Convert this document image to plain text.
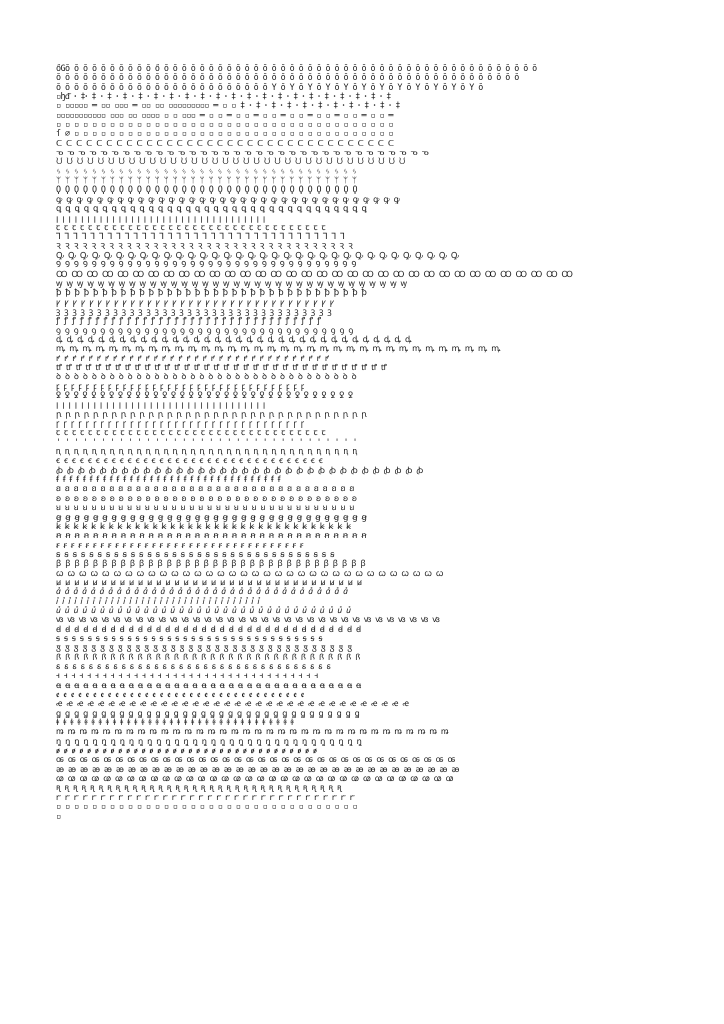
őĞŏ ŏ ŏ ŏ ŏ ŏ ŏ ŏ ŏ ŏ ő ŏ ŏ ŏ ŏ ŏ ŏ ŏ ŏ ŏ ŏ ŏ ŏ ŏ ŏ ŏ ŏ ŏ ŏ ŏ ŏ ŏ ŏ ŏ ŏ ŏ ŏ ŏ ŏ ŏ ŏ ŏ ŏ ŏ ŏ ŏ ŏ ŏ ŏ ŏ ŏ ŏ ŏ
ŏ ŏ ŏ ŏ ŏ ŏ ŏ ŏ ŏ ŏ ŏ ŏ ŏ ŏ ŏ ŏ ŏ ŏ ŏ ŏ ŏ ŏ ŏ ŏ ŏ ŏ ŏ ŏ ŏ ŏ ŏ ŏ ŏ ŏ ŏ ŏ ŏ ŏ ŏ ŏ ŏ ŏ ŏ ŏ ŏ ŏ ŏ ŏ ŏ ŏ ŏ ŏ
ŏ ŏ ŏ ŏ ŏ ŏ ŏ ŏ ŏ ŏ ŏ ŏ ŏ ŏ ŏ ŏ ŏ ŏ ŏ ŏ ŏ ŏ ŏ ŏ Ŷ ŏ Ŷ ŏ Ŷ ŏ Ŷ ŏ Ŷ ŏ Ŷ ŏ Ŷ ŏ Ŷ ŏ Ŷ ŏ Ŷ ŏ Ŷ ŏ Ŷ ŏ
▫ꜧ̄ᵭ̄ ꞏ ‡ꞏ ‡ ꞏ ‡ ꞏ ‡ ꞏ ‡ ꞏ ‡ ꞏ ‡ ꞏ ‡ ꞏ ‡ ꞏ ‡ ꞏ ‡ ꞏ ‡ ꞏ ‡ ꞏ ‡ ꞏ ‡ ꞏ ‡ ꞏ ‡ ꞏ ‡ ꞏ ‡ ꞏ ‡ ꞏ ‡
▫ ▫▫▫▫▫ ═ ▫▫ ▫▫▫ ═ ▫▫ ▫▫ ▫▫▫▫▫▫▫▫▫ ═ ▫ ▫ ‡ ꞏ ‡ ꞏ ‡ ꞏ ‡ ꞏ ‡ ꞏ ‡ ꞏ ‡ ꞏ ‡ ꞏ ‡ ꞏ ‡ ꞏ ‡
▫▫▫▫▫▫▫▫▫▫▫ ▫▫▫ ▫▫ ▫▫▫▫ ▫ ▫ ▫▫▫ ═ ▫ ▫ ═ ▫ ▫ ═ ▫ ▫ ═ ▫ ▫ ═ ▫ ▫ ═ ▫ ▫ ═ ▫ ▫ ═
▫ ▫ ▫ ▫ ▫ ▫ ▫ ▫ ▫ ▫ ▫ ▫ ▫ ▫ ▫ ▫ ▫ ▫ ▫ ▫ ▫ ▫ ▫ ▫ ▫ ▫ ▫ ▫ ▫ ▫ ▫ ▫ ▫ ▫ ▫ ▫ ▫ ▫
ſ ∅ ▫ ▫ ▫ ▫ ▫ ▫ ▫ ▫ ▫ ▫ ▫ ▫ ▫ ▫ ▫ ▫ ▫ ▫ ▫ ▫ ▫ ▫ ▫ ▫ ▫ ▫ ▫ ▫ ▫ ▫ ▫ ▫ ▫ ▫ ▫ ▫
ᑕ ᑕ ᑕ ᑕ ᑕ ᑕ ᑕ ᑕ ᑕ ᑕ ᑕ ᑕ ᑕ ᑕ ᑕ ᑕ ᑕ ᑕ ᑕ ᑕ ᑕ ᑕ ᑕ ᑕ ᑕ ᑕ ᑕ ᑕ ᑕ ᑕ ᑕ ᑕ ᑕ ᑕ
ᓀ ᓀ ᓀ ᓀ ᓀ ᓀ ᓀ ᓀ ᓀ ᓀ ᓀ ᓀ ᓀ ᓀ ᓀ ᓀ ᓀ ᓀ ᓀ ᓀ ᓀ ᓀ ᓀ ᓀ ᓀ ᓀ ᓀ ᓀ ᓀ ᓀ ᓀ ᓀ ᓀ ᓀ
ᙀ ᙀ ᙀ ᙀ ᙀ ᙀ ᙀ ᙀ ᙀ ᙀ ᙀ ᙀ ᙀ ᙀ ᙀ ᙀ ᙀ ᙀ ᙀ ᙀ ᙀ ᙀ ᙀ ᙀ ᙀ ᙀ ᙀ ᙀ ᙀ ᙀ ᙀ ᙀ ᙀ ᙀ
ᛃ ᛃ ᛃ ᛃ ᛃ ᛃ ᛃ ᛃ ᛃ ᛃ ᛃ ᛃ ᛃ ᛃ ᛃ ᛃ ᛃ ᛃ ᛃ ᛃ ᛃ ᛃ ᛃ ᛃ ᛃ ᛃ ᛃ ᛃ ᛃ ᛃ ᛃ ᛃ ᛃ ᛃ
ᛘ ᛘ ᛘ ᛘ ᛘ ᛘ ᛘ ᛘ ᛘ ᛘ ᛘ ᛘ ᛘ ᛘ ᛘ ᛘ ᛘ ᛘ ᛘ ᛘ ᛘ ᛘ ᛘ ᛘ ᛘ ᛘ ᛘ ᛘ ᛘ ᛘ ᛘ ᛘ ᛘ ᛘ
Ϙ Ϙ Ϙ Ϙ Ϙ Ϙ Ϙ Ϙ Ϙ Ϙ Ϙ Ϙ Ϙ Ϙ Ϙ Ϙ Ϙ Ϙ Ϙ Ϙ Ϙ Ϙ Ϙ Ϙ Ϙ Ϙ Ϙ Ϙ Ϙ Ϙ Ϙ Ϙ Ϙ Ϙ
ꝙ ꝙ ꝙ ꝙ ꝙ ꝙ ꝙ ꝙ ꝙ ꝙ ꝙ ꝙ ꝙ ꝙ ꝙ ꝙ ꝙ ꝙ ꝙ ꝙ ꝙ ꝙ ꝙ ꝙ ꝙ ꝙ ꝙ ꝙ ꝙ ꝙ ꝙ ꝙ ꝙ ꝙ
ꝗ ꝗ ꝗ ꝗ ꝗ ꝗ ꝗ ꝗ ꝗ ꝗ ꝗ ꝗ ꝗ ꝗ ꝗ ꝗ ꝗ ꝗ ꝗ ꝗ ꝗ ꝗ ꝗ ꝗ ꝗ ꝗ ꝗ ꝗ ꝗ ꝗ ꝗ ꝗ ꝗ ꝗ
ꞁ ꞁ ꞁ ꞁ ꞁ ꞁ ꞁ ꞁ ꞁ ꞁ ꞁ ꞁ ꞁ ꞁ ꞁ ꞁ ꞁ ꞁ ꞁ ꞁ ꞁ ꞁ ꞁ ꞁ ꞁ ꞁ ꞁ ꞁ ꞁ ꞁ ꞁ ꞁ ꞁ ꞁ
ꞇ ꞇ ꞇ ꞇ ꞇ ꞇ ꞇ ꞇ ꞇ ꞇ ꞇ ꞇ ꞇ ꞇ ꞇ ꞇ ꞇ ꞇ ꞇ ꞇ ꞇ ꞇ ꞇ ꞇ ꞇ ꞇ ꞇ ꞇ ꞇ ꞇ ꞇ ꞇ ꞇ ꞇ
Ꞁ Ꞁ Ꞁ Ꞁ Ꞁ Ꞁ Ꞁ Ꞁ Ꞁ Ꞁ Ꞁ Ꞁ Ꞁ Ꞁ Ꞁ Ꞁ Ꞁ Ꞁ Ꞁ Ꞁ Ꞁ Ꞁ Ꞁ Ꞁ Ꞁ Ꞁ Ꞁ Ꞁ Ꞁ Ꞁ Ꞁ Ꞁ Ꞁ Ꞁ
Ꝛ Ꝛ Ꝛ Ꝛ Ꝛ Ꝛ Ꝛ Ꝛ Ꝛ Ꝛ Ꝛ Ꝛ Ꝛ Ꝛ Ꝛ Ꝛ Ꝛ Ꝛ Ꝛ Ꝛ Ꝛ Ꝛ Ꝛ Ꝛ Ꝛ Ꝛ Ꝛ Ꝛ Ꝛ Ꝛ Ꝛ Ꝛ Ꝛ Ꝛ
Ꝙ Ꝙ Ꝙ Ꝙ Ꝙ Ꝙ Ꝙ Ꝙ Ꝙ Ꝙ Ꝙ Ꝙ Ꝙ Ꝙ Ꝙ Ꝙ Ꝙ Ꝙ Ꝙ Ꝙ Ꝙ Ꝙ Ꝙ Ꝙ Ꝙ Ꝙ Ꝙ Ꝙ Ꝙ Ꝙ Ꝙ Ꝙ Ꝙ Ꝙ
Ꝯ Ꝯ Ꝯ Ꝯ Ꝯ Ꝯ Ꝯ Ꝯ Ꝯ Ꝯ Ꝯ Ꝯ Ꝯ Ꝯ Ꝯ Ꝯ Ꝯ Ꝯ Ꝯ Ꝯ Ꝯ Ꝯ Ꝯ Ꝯ Ꝯ Ꝯ Ꝯ Ꝯ Ꝯ Ꝯ Ꝯ Ꝯ Ꝯ Ꝯ
Ꝏ Ꝏ Ꝏ Ꝏ Ꝏ Ꝏ Ꝏ Ꝏ Ꝏ Ꝏ Ꝏ Ꝏ Ꝏ Ꝏ Ꝏ Ꝏ Ꝏ Ꝏ Ꝏ Ꝏ Ꝏ Ꝏ Ꝏ Ꝏ Ꝏ Ꝏ Ꝏ Ꝏ Ꝏ Ꝏ Ꝏ Ꝏ Ꝏ Ꝏ
ꝡ ꝡ ꝡ ꝡ ꝡ ꝡ ꝡ ꝡ ꝡ ꝡ ꝡ ꝡ ꝡ ꝡ ꝡ ꝡ ꝡ ꝡ ꝡ ꝡ ꝡ ꝡ ꝡ ꝡ ꝡ ꝡ ꝡ ꝡ ꝡ ꝡ ꝡ ꝡ ꝡ ꝡ
ꝥ ꝥ ꝥ ꝥ ꝥ ꝥ ꝥ ꝥ ꝥ ꝥ ꝥ ꝥ ꝥ ꝥ ꝥ ꝥ ꝥ ꝥ ꝥ ꝥ ꝥ ꝥ ꝥ ꝥ ꝥ ꝥ ꝥ ꝥ ꝥ ꝥ ꝥ ꝥ ꝥ ꝥ
ꝩ ꝩ ꝩ ꝩ ꝩ ꝩ ꝩ ꝩ ꝩ ꝩ ꝩ ꝩ ꝩ ꝩ ꝩ ꝩ ꝩ ꝩ ꝩ ꝩ ꝩ ꝩ ꝩ ꝩ ꝩ ꝩ ꝩ ꝩ ꝩ ꝩ ꝩ ꝩ ꝩ ꝩ
ꝫ ꝫ ꝫ ꝫ ꝫ ꝫ ꝫ ꝫ ꝫ ꝫ ꝫ ꝫ ꝫ ꝫ ꝫ ꝫ ꝫ ꝫ ꝫ ꝫ ꝫ ꝫ ꝫ ꝫ ꝫ ꝫ ꝫ ꝫ ꝫ ꝫ ꝫ ꝫ ꝫ ꝫ
ꝭ ꝭ ꝭ ꝭ ꝭ ꝭ ꝭ ꝭ ꝭ ꝭ ꝭ ꝭ ꝭ ꝭ ꝭ ꝭ ꝭ ꝭ ꝭ ꝭ ꝭ ꝭ ꝭ ꝭ ꝭ ꝭ ꝭ ꝭ ꝭ ꝭ ꝭ ꝭ ꝭ ꝭ
ꝯ ꝯ ꝯ ꝯ ꝯ ꝯ ꝯ ꝯ ꝯ ꝯ ꝯ ꝯ ꝯ ꝯ ꝯ ꝯ ꝯ ꝯ ꝯ ꝯ ꝯ ꝯ ꝯ ꝯ ꝯ ꝯ ꝯ ꝯ ꝯ ꝯ ꝯ ꝯ ꝯ ꝯ
ꝱ ꝱ ꝱ ꝱ ꝱ ꝱ ꝱ ꝱ ꝱ ꝱ ꝱ ꝱ ꝱ ꝱ ꝱ ꝱ ꝱ ꝱ ꝱ ꝱ ꝱ ꝱ ꝱ ꝱ ꝱ ꝱ ꝱ ꝱ ꝱ ꝱ ꝱ ꝱ ꝱ ꝱ
ꝳ ꝳ ꝳ ꝳ ꝳ ꝳ ꝳ ꝳ ꝳ ꝳ ꝳ ꝳ ꝳ ꝳ ꝳ ꝳ ꝳ ꝳ ꝳ ꝳ ꝳ ꝳ ꝳ ꝳ ꝳ ꝳ ꝳ ꝳ ꝳ ꝳ ꝳ ꝳ ꝳ ꝳ
ꝵ ꝵ ꝵ ꝵ ꝵ ꝵ ꝵ ꝵ ꝵ ꝵ ꝵ ꝵ ꝵ ꝵ ꝵ ꝵ ꝵ ꝵ ꝵ ꝵ ꝵ ꝵ ꝵ ꝵ ꝵ ꝵ ꝵ ꝵ ꝵ ꝵ ꝵ ꝵ ꝵ ꝵ
ꝷ ꝷ ꝷ ꝷ ꝷ ꝷ ꝷ ꝷ ꝷ ꝷ ꝷ ꝷ ꝷ ꝷ ꝷ ꝷ ꝷ ꝷ ꝷ ꝷ ꝷ ꝷ ꝷ ꝷ ꝷ ꝷ ꝷ ꝷ ꝷ ꝷ ꝷ ꝷ ꝷ ꝷ
ꝺ ꝺ ꝺ ꝺ ꝺ ꝺ ꝺ ꝺ ꝺ ꝺ ꝺ ꝺ ꝺ ꝺ ꝺ ꝺ ꝺ ꝺ ꝺ ꝺ ꝺ ꝺ ꝺ ꝺ ꝺ ꝺ ꝺ ꝺ ꝺ ꝺ ꝺ ꝺ ꝺ ꝺ
ꝼ ꝼ ꝼ ꝼ ꝼ ꝼ ꝼ ꝼ ꝼ ꝼ ꝼ ꝼ ꝼ ꝼ ꝼ ꝼ ꝼ ꝼ ꝼ ꝼ ꝼ ꝼ ꝼ ꝼ ꝼ ꝼ ꝼ ꝼ ꝼ ꝼ ꝼ ꝼ ꝼ ꝼ
ꝿ ꝿ ꝿ ꝿ ꝿ ꝿ ꝿ ꝿ ꝿ ꝿ ꝿ ꝿ ꝿ ꝿ ꝿ ꝿ ꝿ ꝿ ꝿ ꝿ ꝿ ꝿ ꝿ ꝿ ꝿ ꝿ ꝿ ꝿ ꝿ ꝿ ꝿ ꝿ ꝿ ꝿ
ꞁ ꞁ ꞁ ꞁ ꞁ ꞁ ꞁ ꞁ ꞁ ꞁ ꞁ ꞁ ꞁ ꞁ ꞁ ꞁ ꞁ ꞁ ꞁ ꞁ ꞁ ꞁ ꞁ ꞁ ꞁ ꞁ ꞁ ꞁ ꞁ ꞁ ꞁ ꞁ ꞁ ꞁ
ꞃ ꞃ ꞃ ꞃ ꞃ ꞃ ꞃ ꞃ ꞃ ꞃ ꞃ ꞃ ꞃ ꞃ ꞃ ꞃ ꞃ ꞃ ꞃ ꞃ ꞃ ꞃ ꞃ ꞃ ꞃ ꞃ ꞃ ꞃ ꞃ ꞃ ꞃ ꞃ ꞃ ꞃ
ꞅ ꞅ ꞅ ꞅ ꞅ ꞅ ꞅ ꞅ ꞅ ꞅ ꞅ ꞅ ꞅ ꞅ ꞅ ꞅ ꞅ ꞅ ꞅ ꞅ ꞅ ꞅ ꞅ ꞅ ꞅ ꞅ ꞅ ꞅ ꞅ ꞅ ꞅ ꞅ ꞅ ꞅ
ꞇ ꞇ ꞇ ꞇ ꞇ ꞇ ꞇ ꞇ ꞇ ꞇ ꞇ ꞇ ꞇ ꞇ ꞇ ꞇ ꞇ ꞇ ꞇ ꞇ ꞇ ꞇ ꞇ ꞇ ꞇ ꞇ ꞇ ꞇ ꞇ ꞇ ꞇ ꞇ ꞇ ꞇ
ꞌ ꞌ ꞌ ꞌ ꞌ ꞌ ꞌ ꞌ ꞌ ꞌ ꞌ ꞌ ꞌ ꞌ ꞌ ꞌ ꞌ ꞌ ꞌ ꞌ ꞌ ꞌ ꞌ ꞌ ꞌ ꞌ ꞌ ꞌ ꞌ ꞌ ꞌ ꞌ ꞌ ꞌ
ꞑ ꞑ ꞑ ꞑ ꞑ ꞑ ꞑ ꞑ ꞑ ꞑ ꞑ ꞑ ꞑ ꞑ ꞑ ꞑ ꞑ ꞑ ꞑ ꞑ ꞑ ꞑ ꞑ ꞑ ꞑ ꞑ ꞑ ꞑ ꞑ ꞑ ꞑ ꞑ ꞑ ꞑ
ꞓ ꞓ ꞓ ꞓ ꞓ ꞓ ꞓ ꞓ ꞓ ꞓ ꞓ ꞓ ꞓ ꞓ ꞓ ꞓ ꞓ ꞓ ꞓ ꞓ ꞓ ꞓ ꞓ ꞓ ꞓ ꞓ ꞓ ꞓ ꞓ ꞓ ꞓ ꞓ ꞓ ꞓ
ꞗ ꞗ ꞗ ꞗ ꞗ ꞗ ꞗ ꞗ ꞗ ꞗ ꞗ ꞗ ꞗ ꞗ ꞗ ꞗ ꞗ ꞗ ꞗ ꞗ ꞗ ꞗ ꞗ ꞗ ꞗ ꞗ ꞗ ꞗ ꞗ ꞗ ꞗ ꞗ ꞗ ꞗ
ꞙ ꞙ ꞙ ꞙ ꞙ ꞙ ꞙ ꞙ ꞙ ꞙ ꞙ ꞙ ꞙ ꞙ ꞙ ꞙ ꞙ ꞙ ꞙ ꞙ ꞙ ꞙ ꞙ ꞙ ꞙ ꞙ ꞙ ꞙ ꞙ ꞙ ꞙ ꞙ ꞙ ꞙ
ꞛ ꞛ ꞛ ꞛ ꞛ ꞛ ꞛ ꞛ ꞛ ꞛ ꞛ ꞛ ꞛ ꞛ ꞛ ꞛ ꞛ ꞛ ꞛ ꞛ ꞛ ꞛ ꞛ ꞛ ꞛ ꞛ ꞛ ꞛ ꞛ ꞛ ꞛ ꞛ ꞛ ꞛ
ꞝ ꞝ ꞝ ꞝ ꞝ ꞝ ꞝ ꞝ ꞝ ꞝ ꞝ ꞝ ꞝ ꞝ ꞝ ꞝ ꞝ ꞝ ꞝ ꞝ ꞝ ꞝ ꞝ ꞝ ꞝ ꞝ ꞝ ꞝ ꞝ ꞝ ꞝ ꞝ ꞝ ꞝ
ꞟ ꞟ ꞟ ꞟ ꞟ ꞟ ꞟ ꞟ ꞟ ꞟ ꞟ ꞟ ꞟ ꞟ ꞟ ꞟ ꞟ ꞟ ꞟ ꞟ ꞟ ꞟ ꞟ ꞟ ꞟ ꞟ ꞟ ꞟ ꞟ ꞟ ꞟ ꞟ ꞟ ꞟ
ꞡ ꞡ ꞡ ꞡ ꞡ ꞡ ꞡ ꞡ ꞡ ꞡ ꞡ ꞡ ꞡ ꞡ ꞡ ꞡ ꞡ ꞡ ꞡ ꞡ ꞡ ꞡ ꞡ ꞡ ꞡ ꞡ ꞡ ꞡ ꞡ ꞡ ꞡ ꞡ ꞡ ꞡ
ꞣ ꞣ ꞣ ꞣ ꞣ ꞣ ꞣ ꞣ ꞣ ꞣ ꞣ ꞣ ꞣ ꞣ ꞣ ꞣ ꞣ ꞣ ꞣ ꞣ ꞣ ꞣ ꞣ ꞣ ꞣ ꞣ ꞣ ꞣ ꞣ ꞣ ꞣ ꞣ ꞣ ꞣ
ꞥ ꞥ ꞥ ꞥ ꞥ ꞥ ꞥ ꞥ ꞥ ꞥ ꞥ ꞥ ꞥ ꞥ ꞥ ꞥ ꞥ ꞥ ꞥ ꞥ ꞥ ꞥ ꞥ ꞥ ꞥ ꞥ ꞥ ꞥ ꞥ ꞥ ꞥ ꞥ ꞥ ꞥ
ꞧ ꞧ ꞧ ꞧ ꞧ ꞧ ꞧ ꞧ ꞧ ꞧ ꞧ ꞧ ꞧ ꞧ ꞧ ꞧ ꞧ ꞧ ꞧ ꞧ ꞧ ꞧ ꞧ ꞧ ꞧ ꞧ ꞧ ꞧ ꞧ ꞧ ꞧ ꞧ ꞧ ꞧ
ꞩ ꞩ ꞩ ꞩ ꞩ ꞩ ꞩ ꞩ ꞩ ꞩ ꞩ ꞩ ꞩ ꞩ ꞩ ꞩ ꞩ ꞩ ꞩ ꞩ ꞩ ꞩ ꞩ ꞩ ꞩ ꞩ ꞩ ꞩ ꞩ ꞩ ꞩ ꞩ ꞩ ꞩ
ꞵ ꞵ ꞵ ꞵ ꞵ ꞵ ꞵ ꞵ ꞵ ꞵ ꞵ ꞵ ꞵ ꞵ ꞵ ꞵ ꞵ ꞵ ꞵ ꞵ ꞵ ꞵ ꞵ ꞵ ꞵ ꞵ ꞵ ꞵ ꞵ ꞵ ꞵ ꞵ ꞵ ꞵ
ꞷ ꞷ ꞷ ꞷ ꞷ ꞷ ꞷ ꞷ ꞷ ꞷ ꞷ ꞷ ꞷ ꞷ ꞷ ꞷ ꞷ ꞷ ꞷ ꞷ ꞷ ꞷ ꞷ ꞷ ꞷ ꞷ ꞷ ꞷ ꞷ ꞷ ꞷ ꞷ ꞷ ꞷ
ꞹ ꞹ ꞹ ꞹ ꞹ ꞹ ꞹ ꞹ ꞹ ꞹ ꞹ ꞹ ꞹ ꞹ ꞹ ꞹ ꞹ ꞹ ꞹ ꞹ ꞹ ꞹ ꞹ ꞹ ꞹ ꞹ ꞹ ꞹ ꞹ ꞹ ꞹ ꞹ ꞹ ꞹ
ꞻ ꞻ ꞻ ꞻ ꞻ ꞻ ꞻ ꞻ ꞻ ꞻ ꞻ ꞻ ꞻ ꞻ ꞻ ꞻ ꞻ ꞻ ꞻ ꞻ ꞻ ꞻ ꞻ ꞻ ꞻ ꞻ ꞻ ꞻ ꞻ ꞻ ꞻ ꞻ ꞻ ꞻ
ꞽ ꞽ ꞽ ꞽ ꞽ ꞽ ꞽ ꞽ ꞽ ꞽ ꞽ ꞽ ꞽ ꞽ ꞽ ꞽ ꞽ ꞽ ꞽ ꞽ ꞽ ꞽ ꞽ ꞽ ꞽ ꞽ ꞽ ꞽ ꞽ ꞽ ꞽ ꞽ ꞽ ꞽ
ꞿ ꞿ ꞿ ꞿ ꞿ ꞿ ꞿ ꞿ ꞿ ꞿ ꞿ ꞿ ꞿ ꞿ ꞿ ꞿ ꞿ ꞿ ꞿ ꞿ ꞿ ꞿ ꞿ ꞿ ꞿ ꞿ ꞿ ꞿ ꞿ ꞿ ꞿ ꞿ ꞿ ꞿ
ꟃ ꟃ ꟃ ꟃ ꟃ ꟃ ꟃ ꟃ ꟃ ꟃ ꟃ ꟃ ꟃ ꟃ ꟃ ꟃ ꟃ ꟃ ꟃ ꟃ ꟃ ꟃ ꟃ ꟃ ꟃ ꟃ ꟃ ꟃ ꟃ ꟃ ꟃ ꟃ ꟃ ꟃ
ꟈ ꟈ ꟈ ꟈ ꟈ ꟈ ꟈ ꟈ ꟈ ꟈ ꟈ ꟈ ꟈ ꟈ ꟈ ꟈ ꟈ ꟈ ꟈ ꟈ ꟈ ꟈ ꟈ ꟈ ꟈ ꟈ ꟈ ꟈ ꟈ ꟈ ꟈ ꟈ ꟈ ꟈ
ꟊ ꟊ ꟊ ꟊ ꟊ ꟊ ꟊ ꟊ ꟊ ꟊ ꟊ ꟊ ꟊ ꟊ ꟊ ꟊ ꟊ ꟊ ꟊ ꟊ ꟊ ꟊ ꟊ ꟊ ꟊ ꟊ ꟊ ꟊ ꟊ ꟊ ꟊ ꟊ ꟊ ꟊ
ꟑ ꟑ ꟑ ꟑ ꟑ ꟑ ꟑ ꟑ ꟑ ꟑ ꟑ ꟑ ꟑ ꟑ ꟑ ꟑ ꟑ ꟑ ꟑ ꟑ ꟑ ꟑ ꟑ ꟑ ꟑ ꟑ ꟑ ꟑ ꟑ ꟑ ꟑ ꟑ ꟑ ꟑ
ꟗ ꟗ ꟗ ꟗ ꟗ ꟗ ꟗ ꟗ ꟗ ꟗ ꟗ ꟗ ꟗ ꟗ ꟗ ꟗ ꟗ ꟗ ꟗ ꟗ ꟗ ꟗ ꟗ ꟗ ꟗ ꟗ ꟗ ꟗ ꟗ ꟗ ꟗ ꟗ ꟗ ꟗ
ꟙ ꟙ ꟙ ꟙ ꟙ ꟙ ꟙ ꟙ ꟙ ꟙ ꟙ ꟙ ꟙ ꟙ ꟙ ꟙ ꟙ ꟙ ꟙ ꟙ ꟙ ꟙ ꟙ ꟙ ꟙ ꟙ ꟙ ꟙ ꟙ ꟙ ꟙ ꟙ ꟙ ꟙ
ꟶ ꟶ ꟶ ꟶ ꟶ ꟶ ꟶ ꟶ ꟶ ꟶ ꟶ ꟶ ꟶ ꟶ ꟶ ꟶ ꟶ ꟶ ꟶ ꟶ ꟶ ꟶ ꟶ ꟶ ꟶ ꟶ ꟶ ꟶ ꟶ ꟶ ꟶ ꟶ ꟶ ꟶ
ꬰ ꬰ ꬰ ꬰ ꬰ ꬰ ꬰ ꬰ ꬰ ꬰ ꬰ ꬰ ꬰ ꬰ ꬰ ꬰ ꬰ ꬰ ꬰ ꬰ ꬰ ꬰ ꬰ ꬰ ꬰ ꬰ ꬰ ꬰ ꬰ ꬰ ꬰ ꬰ ꬰ ꬰ
ꬲ ꬲ ꬲ ꬲ ꬲ ꬲ ꬲ ꬲ ꬲ ꬲ ꬲ ꬲ ꬲ ꬲ ꬲ ꬲ ꬲ ꬲ ꬲ ꬲ ꬲ ꬲ ꬲ ꬲ ꬲ ꬲ ꬲ ꬲ ꬲ ꬲ ꬲ ꬲ ꬲ ꬲ
ꬴ ꬴ ꬴ ꬴ ꬴ ꬴ ꬴ ꬴ ꬴ ꬴ ꬴ ꬴ ꬴ ꬴ ꬴ ꬴ ꬴ ꬴ ꬴ ꬴ ꬴ ꬴ ꬴ ꬴ ꬴ ꬴ ꬴ ꬴ ꬴ ꬴ ꬴ ꬴ ꬴ ꬴ
ꬶ ꬶ ꬶ ꬶ ꬶ ꬶ ꬶ ꬶ ꬶ ꬶ ꬶ ꬶ ꬶ ꬶ ꬶ ꬶ ꬶ ꬶ ꬶ ꬶ ꬶ ꬶ ꬶ ꬶ ꬶ ꬶ ꬶ ꬶ ꬶ ꬶ ꬶ ꬶ ꬶ ꬶ
ꬸ ꬸ ꬸ ꬸ ꬸ ꬸ ꬸ ꬸ ꬸ ꬸ ꬸ ꬸ ꬸ ꬸ ꬸ ꬸ ꬸ ꬸ ꬸ ꬸ ꬸ ꬸ ꬸ ꬸ ꬸ ꬸ ꬸ ꬸ ꬸ ꬸ ꬸ ꬸ ꬸ ꬸ
ꬺ ꬺ ꬺ ꬺ ꬺ ꬺ ꬺ ꬺ ꬺ ꬺ ꬺ ꬺ ꬺ ꬺ ꬺ ꬺ ꬺ ꬺ ꬺ ꬺ ꬺ ꬺ ꬺ ꬺ ꬺ ꬺ ꬺ ꬺ ꬺ ꬺ ꬺ ꬺ ꬺ ꬺ
ꬼ ꬼ ꬼ ꬼ ꬼ ꬼ ꬼ ꬼ ꬼ ꬼ ꬼ ꬼ ꬼ ꬼ ꬼ ꬼ ꬼ ꬼ ꬼ ꬼ ꬼ ꬼ ꬼ ꬼ ꬼ ꬼ ꬼ ꬼ ꬼ ꬼ ꬼ ꬼ ꬼ ꬼ
ꬾ ꬾ ꬾ ꬾ ꬾ ꬾ ꬾ ꬾ ꬾ ꬾ ꬾ ꬾ ꬾ ꬾ ꬾ ꬾ ꬾ ꬾ ꬾ ꬾ ꬾ ꬾ ꬾ ꬾ ꬾ ꬾ ꬾ ꬾ ꬾ ꬾ ꬾ ꬾ ꬾ ꬾ
ꭀ ꭀ ꭀ ꭀ ꭀ ꭀ ꭀ ꭀ ꭀ ꭀ ꭀ ꭀ ꭀ ꭀ ꭀ ꭀ ꭀ ꭀ ꭀ ꭀ ꭀ ꭀ ꭀ ꭀ ꭀ ꭀ ꭀ ꭀ ꭀ ꭀ ꭀ ꭀ ꭀ ꭀ
ꭂ ꭂ ꭂ ꭂ ꭂ ꭂ ꭂ ꭂ ꭂ ꭂ ꭂ ꭂ ꭂ ꭂ ꭂ ꭂ ꭂ ꭂ ꭂ ꭂ ꭂ ꭂ ꭂ ꭂ ꭂ ꭂ ꭂ ꭂ ꭂ ꭂ ꭂ ꭂ ꭂ ꭂ
ꭄ ꭄ ꭄ ꭄ ꭄ ꭄ ꭄ ꭄ ꭄ ꭄ ꭄ ꭄ ꭄ ꭄ ꭄ ꭄ ꭄ ꭄ ꭄ ꭄ ꭄ ꭄ ꭄ ꭄ ꭄ ꭄ ꭄ ꭄ ꭄ ꭄ ꭄ ꭄ ꭄ ꭄ
ꭆ ꭆ ꭆ ꭆ ꭆ ꭆ ꭆ ꭆ ꭆ ꭆ ꭆ ꭆ ꭆ ꭆ ꭆ ꭆ ꭆ ꭆ ꭆ ꭆ ꭆ ꭆ ꭆ ꭆ ꭆ ꭆ ꭆ ꭆ ꭆ ꭆ ꭆ ꭆ ꭆ ꭆ
ꭈ ꭈ ꭈ ꭈ ꭈ ꭈ ꭈ ꭈ ꭈ ꭈ ꭈ ꭈ ꭈ ꭈ ꭈ ꭈ ꭈ ꭈ ꭈ ꭈ ꭈ ꭈ ꭈ ꭈ ꭈ ꭈ ꭈ ꭈ ꭈ ꭈ ꭈ ꭈ ꭈ ꭈ
▫ ▫ ▫ ▫ ▫ ▫ ▫ ▫ ▫ ▫ ▫ ▫ ▫ ▫ ▫ ▫ ▫ ▫ ▫ ▫ ▫ ▫ ▫ ▫ ▫ ▫ ▫ ▫ ▫ ▫ ▫ ▫ ▫ ▫
▫
